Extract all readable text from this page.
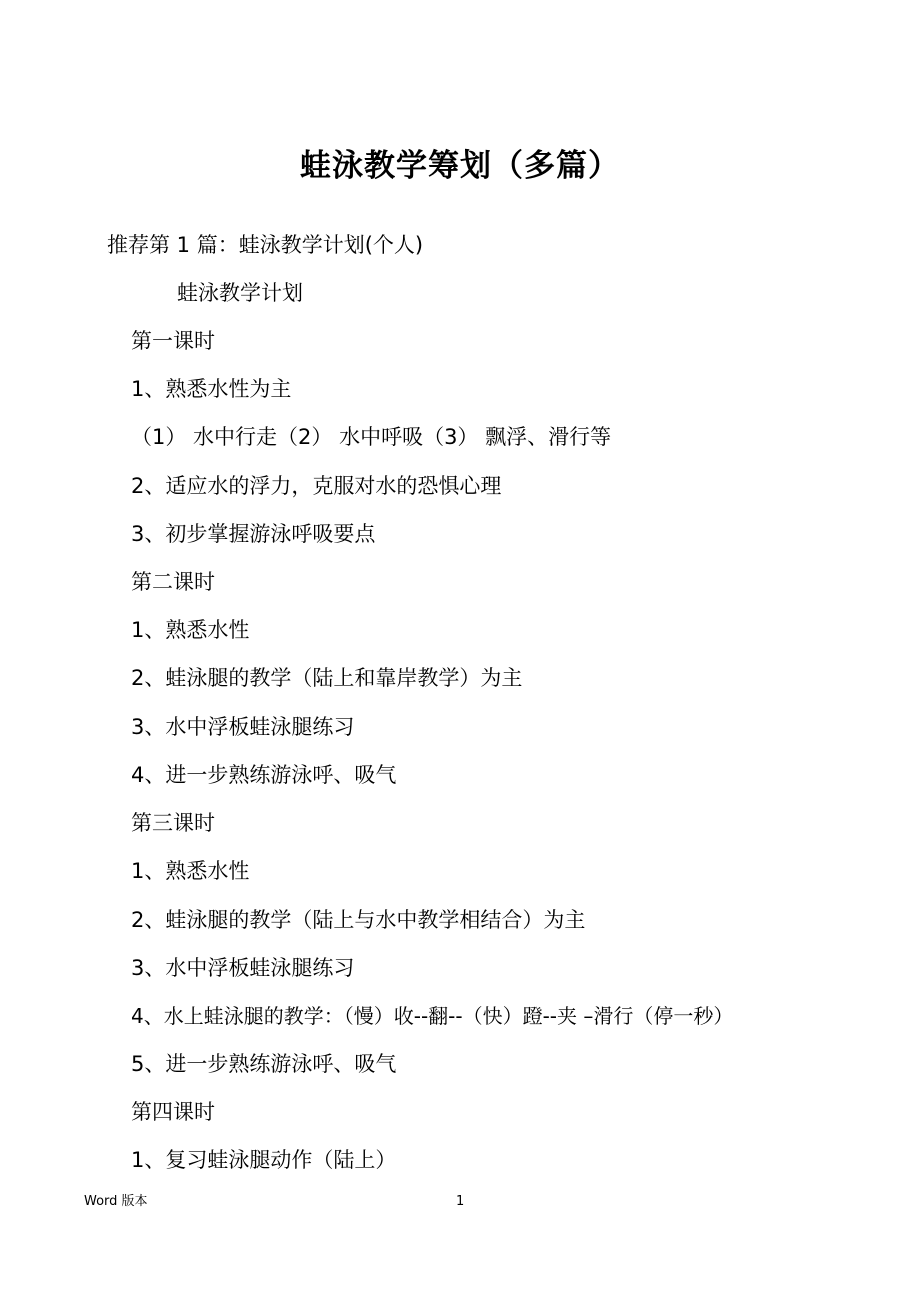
蛙泳教学筹划（多篇）
推荐第 1 篇：蛙泳教学计划(个人)
蛙泳教学计划
第一课时
1、熟悉水性为主
（1） 水中行走（2） 水中呼吸（3） 飘浮、滑行等
2、适应水的浮力，克服对水的恐惧心理
3、初步掌握游泳呼吸要点
第二课时
1、熟悉水性
2、蛙泳腿的教学（陆上和靠岸教学）为主
3、水中浮板蛙泳腿练习
4、进一步熟练游泳呼、吸气
第三课时
1、熟悉水性
2、蛙泳腿的教学（陆上与水中教学相结合）为主
3、水中浮板蛙泳腿练习
4、水上蛙泳腿的教学：（慢）收--翻--（快）蹬--夹 –滑行（停一秒）
5、进一步熟练游泳呼、吸气
第四课时
1、复习蛙泳腿动作（陆上）
Word 版本	1
